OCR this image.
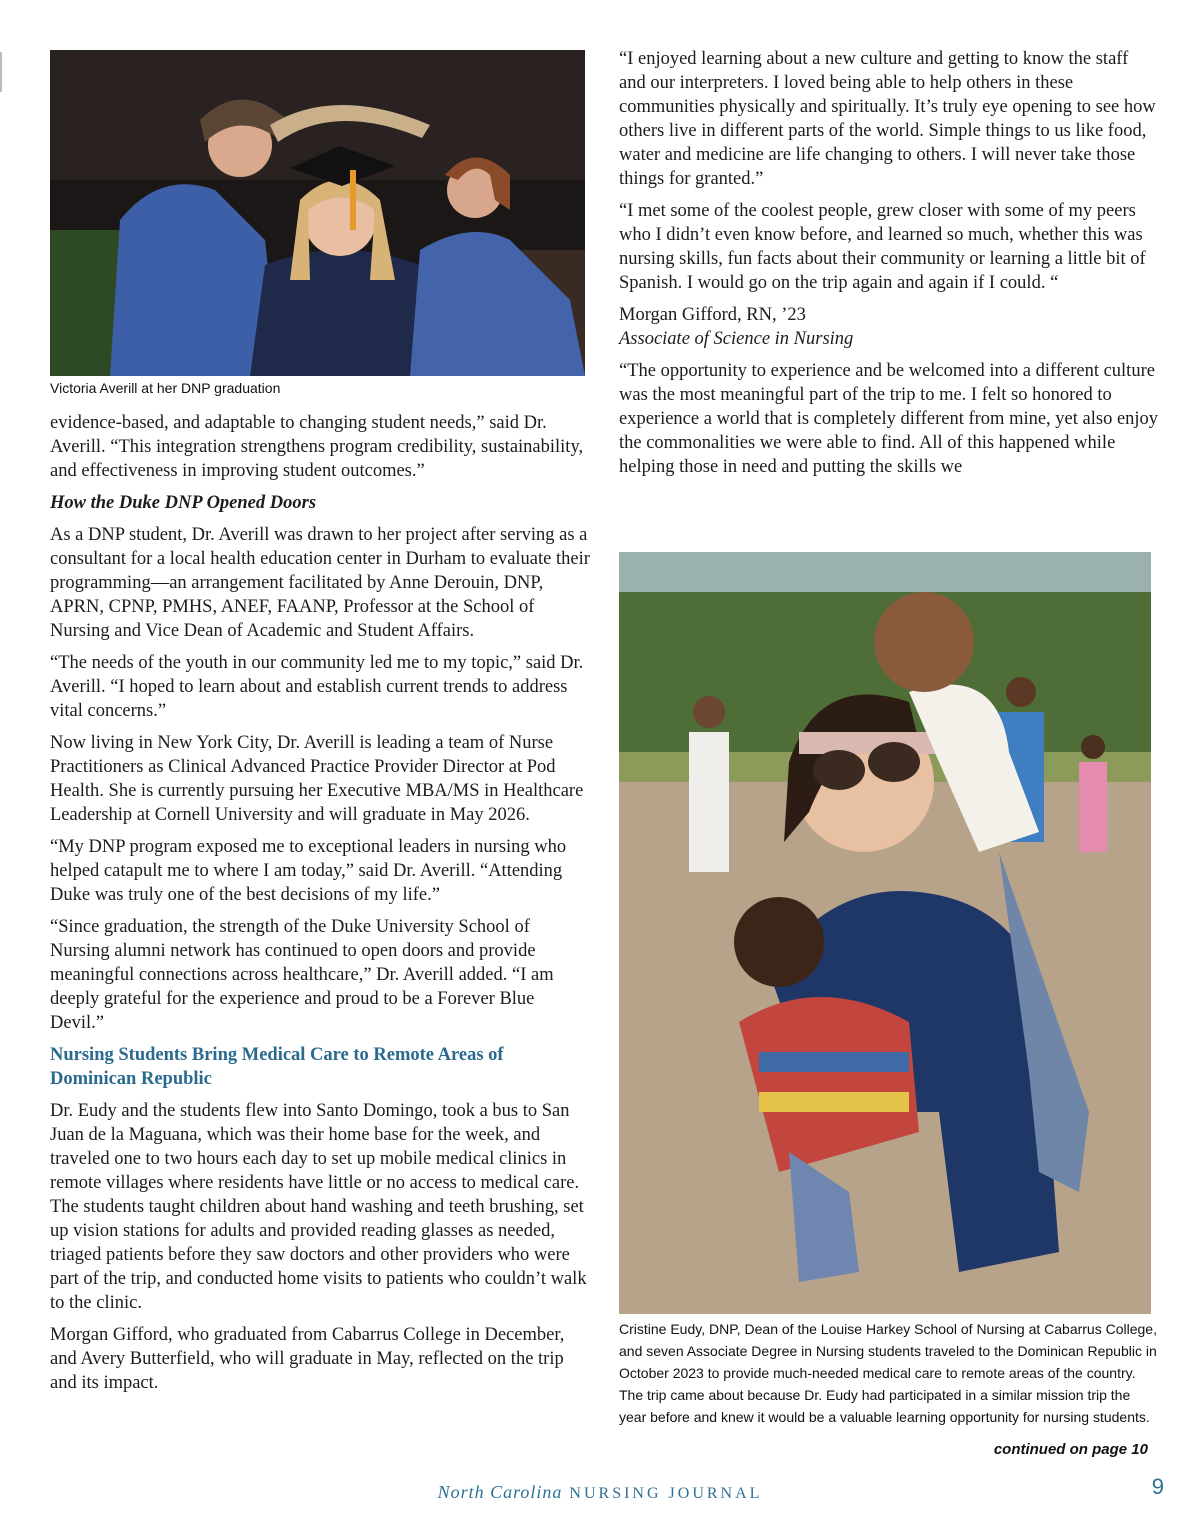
Victoria Averill at her DNP graduation

evidence-based, and adaptable to changing student needs,” said Dr. Averill. “This integration strengthens program credibility, sustainability, and effectiveness in improving student outcomes.”

How the Duke DNP Opened Doors

As a DNP student, Dr. Averill was drawn to her project after serving as a consultant for a local health education center in Durham to evaluate their programming—an arrangement facilitated by Anne Derouin, DNP, APRN, CPNP, PMHS, ANEF, FAANP, Professor at the School of Nursing and Vice Dean of Academic and Student Affairs.

“The needs of the youth in our community led me to my topic,” said Dr. Averill. “I hoped to learn about and establish current trends to address vital concerns.”

Now living in New York City, Dr. Averill is leading a team of Nurse Practitioners as Clinical Advanced Practice Provider Director at Pod Health. She is currently pursuing her Executive MBA/MS in Healthcare Leadership at Cornell University and will graduate in May 2026.

“My DNP program exposed me to exceptional leaders in nursing who helped catapult me to where I am today,” said Dr. Averill. “Attending Duke was truly one of the best decisions of my life.”

“Since graduation, the strength of the Duke University School of Nursing alumni network has continued to open doors and provide meaningful connections across healthcare,” Dr. Averill added. “I am deeply grateful for the experience and proud to be a Forever Blue Devil.”

Nursing Students Bring Medical Care to Remote Areas of Dominican Republic

Dr. Eudy and the students flew into Santo Domingo, took a bus to San Juan de la Maguana, which was their home base for the week, and traveled one to two hours each day to set up mobile medical clinics in remote villages where residents have little or no access to medical care. The students taught children about hand washing and teeth brushing, set up vision stations for adults and provided reading glasses as needed, triaged patients before they saw doctors and other providers who were part of the trip, and conducted home visits to patients who couldn’t walk to the clinic.

Morgan Gifford, who graduated from Cabarrus College in December, and Avery Butterfield, who will graduate in May, reflected on the trip and its impact.

“I enjoyed learning about a new culture and getting to know the staff and our interpreters. I loved being able to help others in these communities physically and spiritually. It’s truly eye opening to see how others live in different parts of the world. Simple things to us like food, water and medicine are life changing to others. I will never take those things for granted.”

“I met some of the coolest people, grew closer with some of my peers who I didn’t even know before, and learned so much, whether this was nursing skills, fun facts about their community or learning a little bit of Spanish. I would go on the trip again and again if I could. “

Morgan Gifford, RN, ’23

Associate of Science in Nursing

“The opportunity to experience and be welcomed into a different culture was the most meaningful part of the trip to me. I felt so honored to experience a world that is completely different from mine, yet also enjoy the commonalities we were able to find. All of this happened while helping those in need and putting the skills we

Cristine Eudy, DNP, Dean of the Louise Harkey School of Nursing at Cabarrus College, and seven Associate Degree in Nursing students traveled to the Dominican Republic in October 2023 to provide much-needed medical care to remote areas of the country. The trip came about because Dr. Eudy had participated in a similar mission trip the year before and knew it would be a valuable learning opportunity for nursing students.
continued on page 10
North Carolina NURSING JOURNAL	9
